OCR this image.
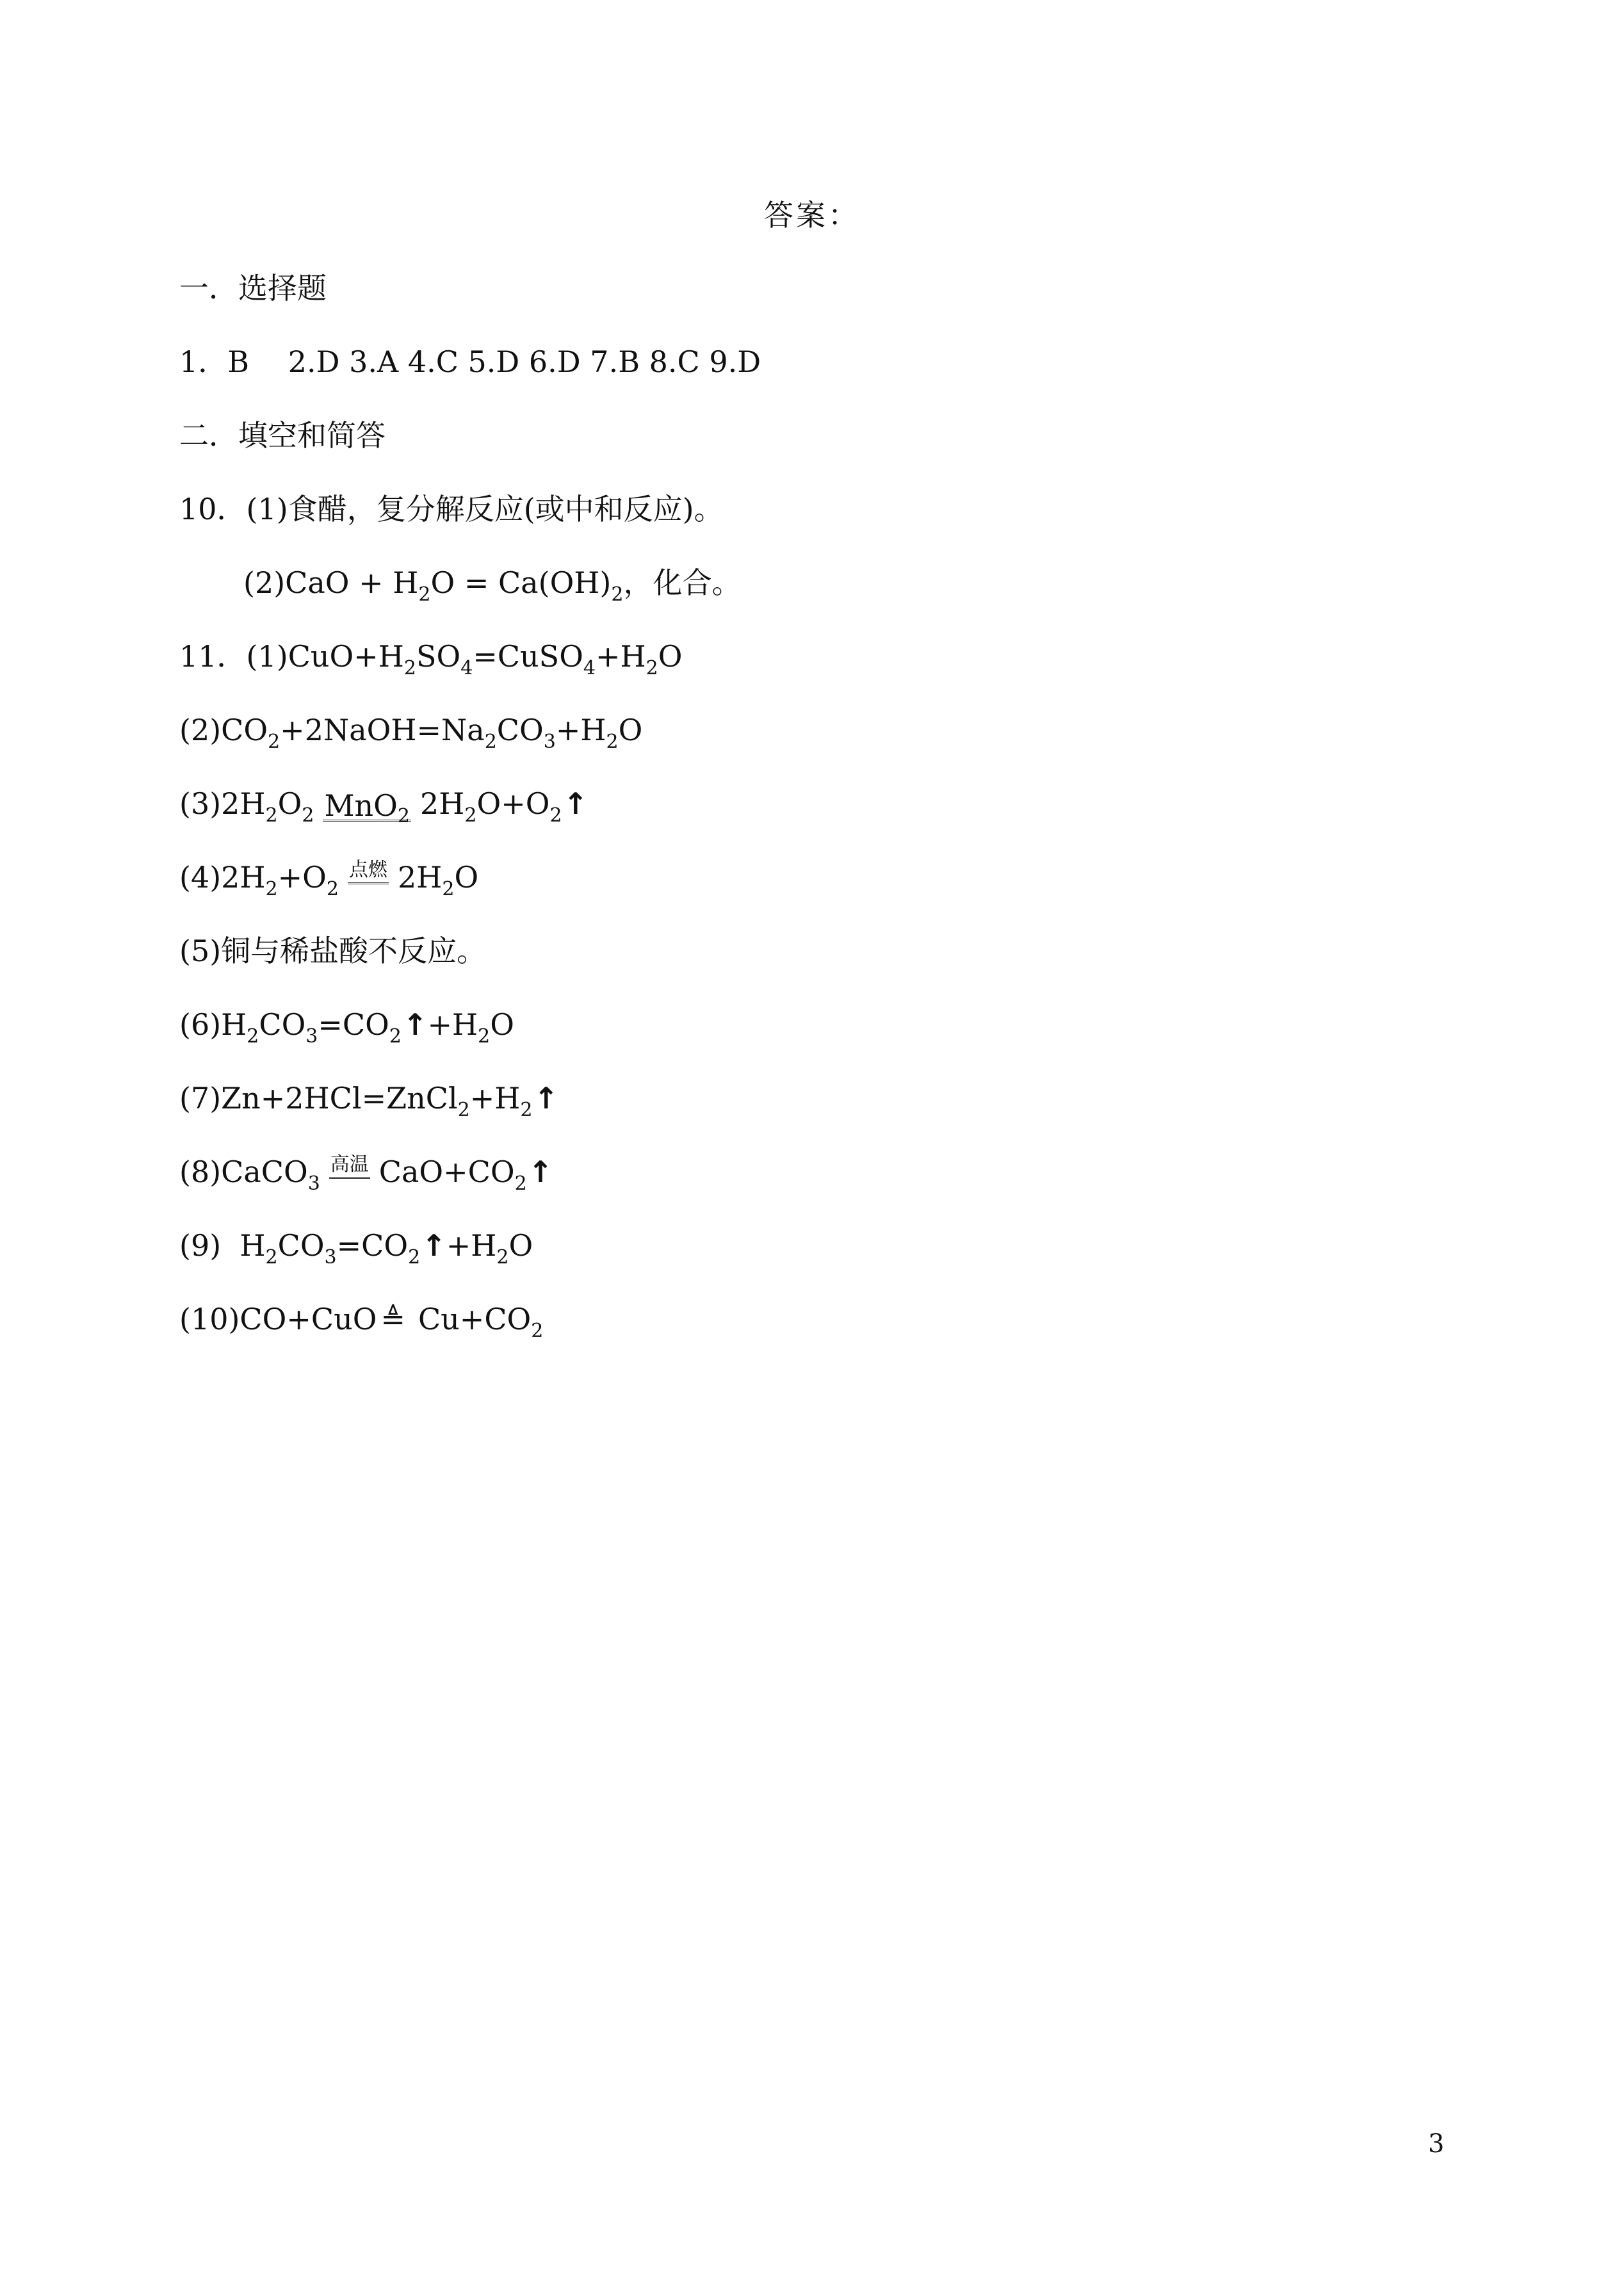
答案：
一．选择题
1．B　 2.D 3.A 4.C 5.D 6.D 7.B 8.C 9.D
二．填空和简答
10．(1)食醋，复分解反应(或中和反应)。
$(2)CaO + H_2O = Ca(OH)_2$，化合。
11．$(1)CuO+H_2SO_4=CuSO_4+H_2O$
$(2)CO_2+2NaOH=Na_2CO_3+H_2O$
$(3)2H_2O_2$ MnO$_2$ $2H_2O+O_2↑$
$(4)2H_2+O_2$
点燃 $2H_2O$
(5)铜与稀盐酸不反应。
$(6)H_2CO_3=CO_2↑+H_2O$
$(7)Zn+2HCl=ZnCl_2+H_2↑$
(8)CaCO$_3$
高温 $CaO+CO_2↑$
(9)  $H_2CO_3=CO_2↑+H_2O$
(10)CO+CuO ≜ $Cu+CO_2$
3
